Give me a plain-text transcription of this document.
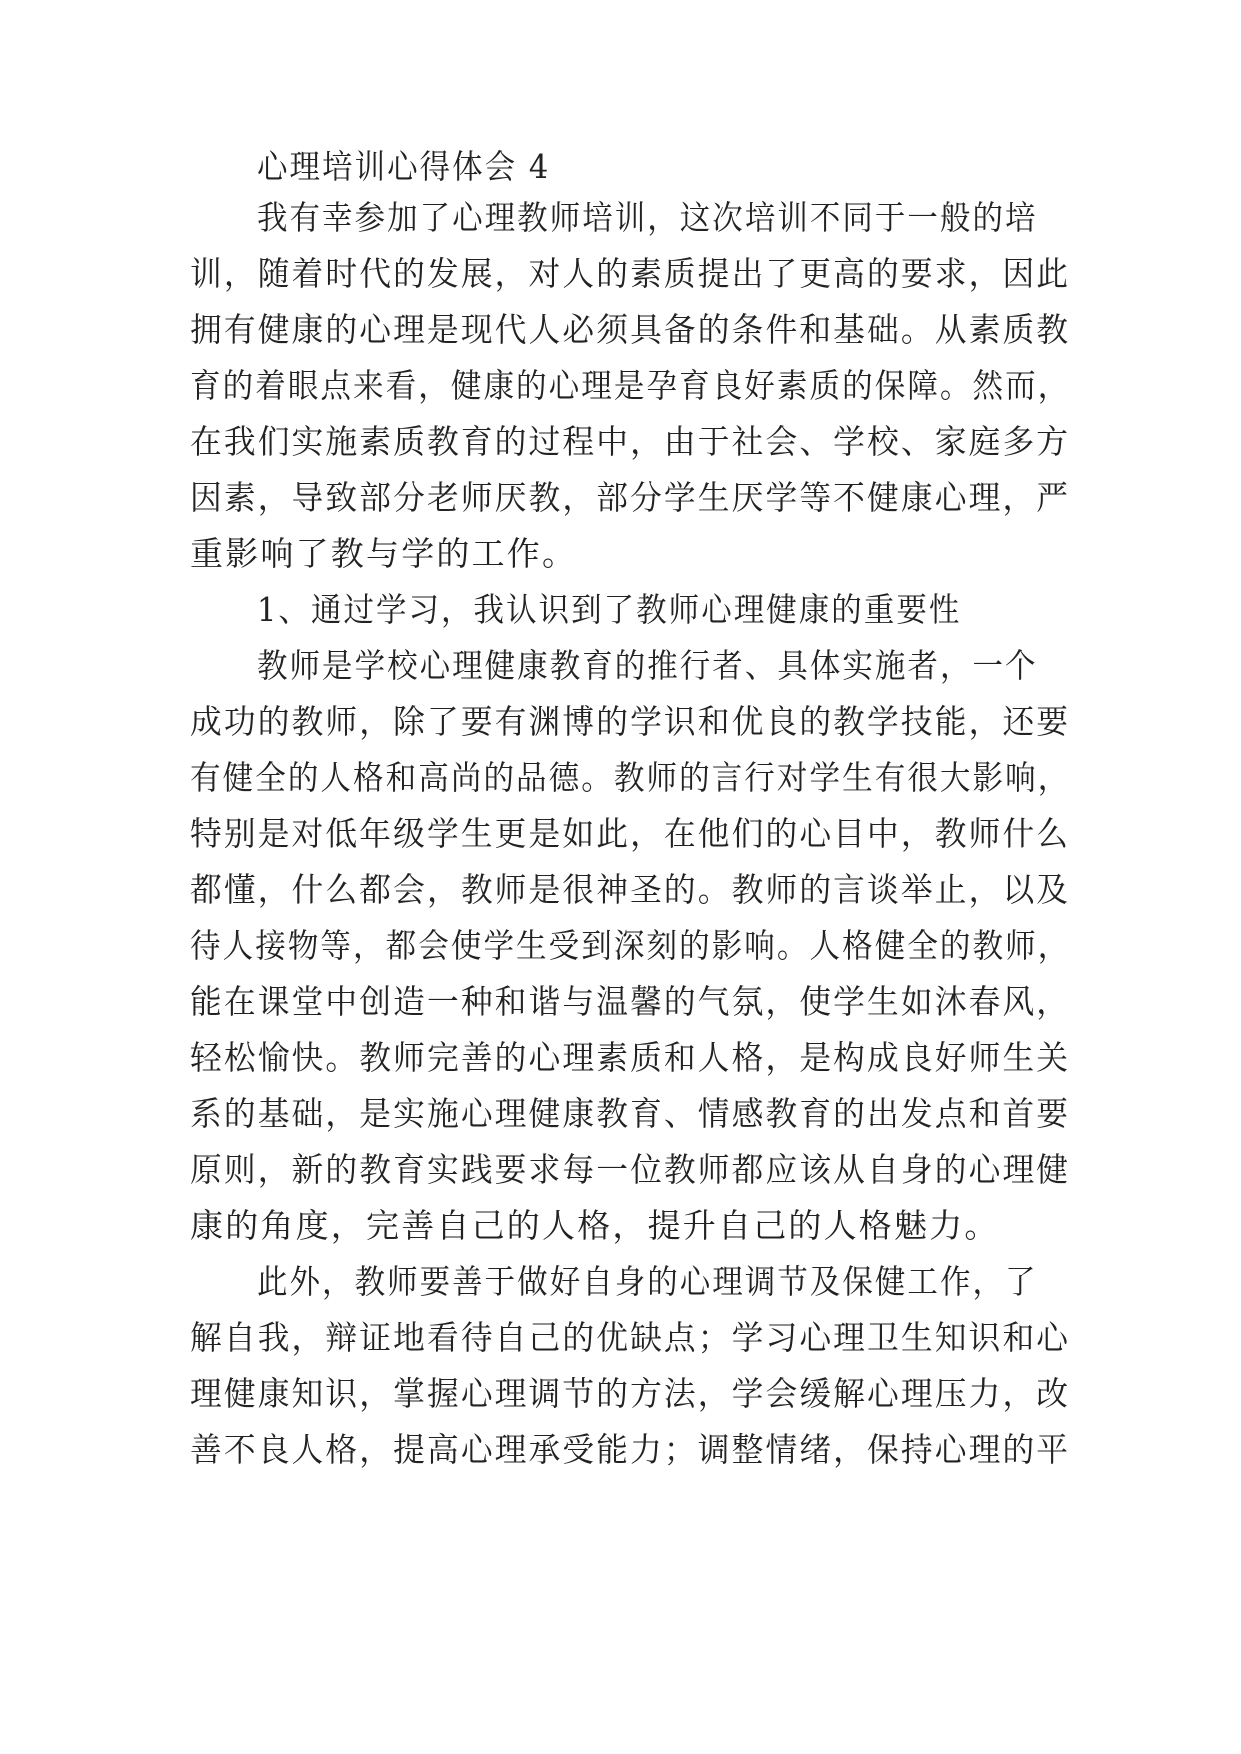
心理培训心得体会 4
我有幸参加了心理教师培训，这次培训不同于一般的培
训，随着时代的发展，对人的素质提出了更高的要求，因此
拥有健康的心理是现代人必须具备的条件和基础。从素质教
育的着眼点来看，健康的心理是孕育良好素质的保障。然而，
在我们实施素质教育的过程中，由于社会、学校、家庭多方
因素，导致部分老师厌教，部分学生厌学等不健康心理，严
重影响了教与学的工作。
1、通过学习，我认识到了教师心理健康的重要性
教师是学校心理健康教育的推行者、具体实施者，一个
成功的教师，除了要有渊博的学识和优良的教学技能，还要
有健全的人格和高尚的品德。教师的言行对学生有很大影响，
特别是对低年级学生更是如此，在他们的心目中，教师什么
都懂，什么都会，教师是很神圣的。教师的言谈举止，以及
待人接物等，都会使学生受到深刻的影响。人格健全的教师，
能在课堂中创造一种和谐与温馨的气氛，使学生如沐春风，
轻松愉快。教师完善的心理素质和人格，是构成良好师生关
系的基础，是实施心理健康教育、情感教育的出发点和首要
原则，新的教育实践要求每一位教师都应该从自身的心理健
康的角度，完善自己的人格，提升自己的人格魅力。
此外，教师要善于做好自身的心理调节及保健工作，了
解自我，辩证地看待自己的优缺点；学习心理卫生知识和心
理健康知识，掌握心理调节的方法，学会缓解心理压力，改
善不良人格，提高心理承受能力；调整情绪，保持心理的平
